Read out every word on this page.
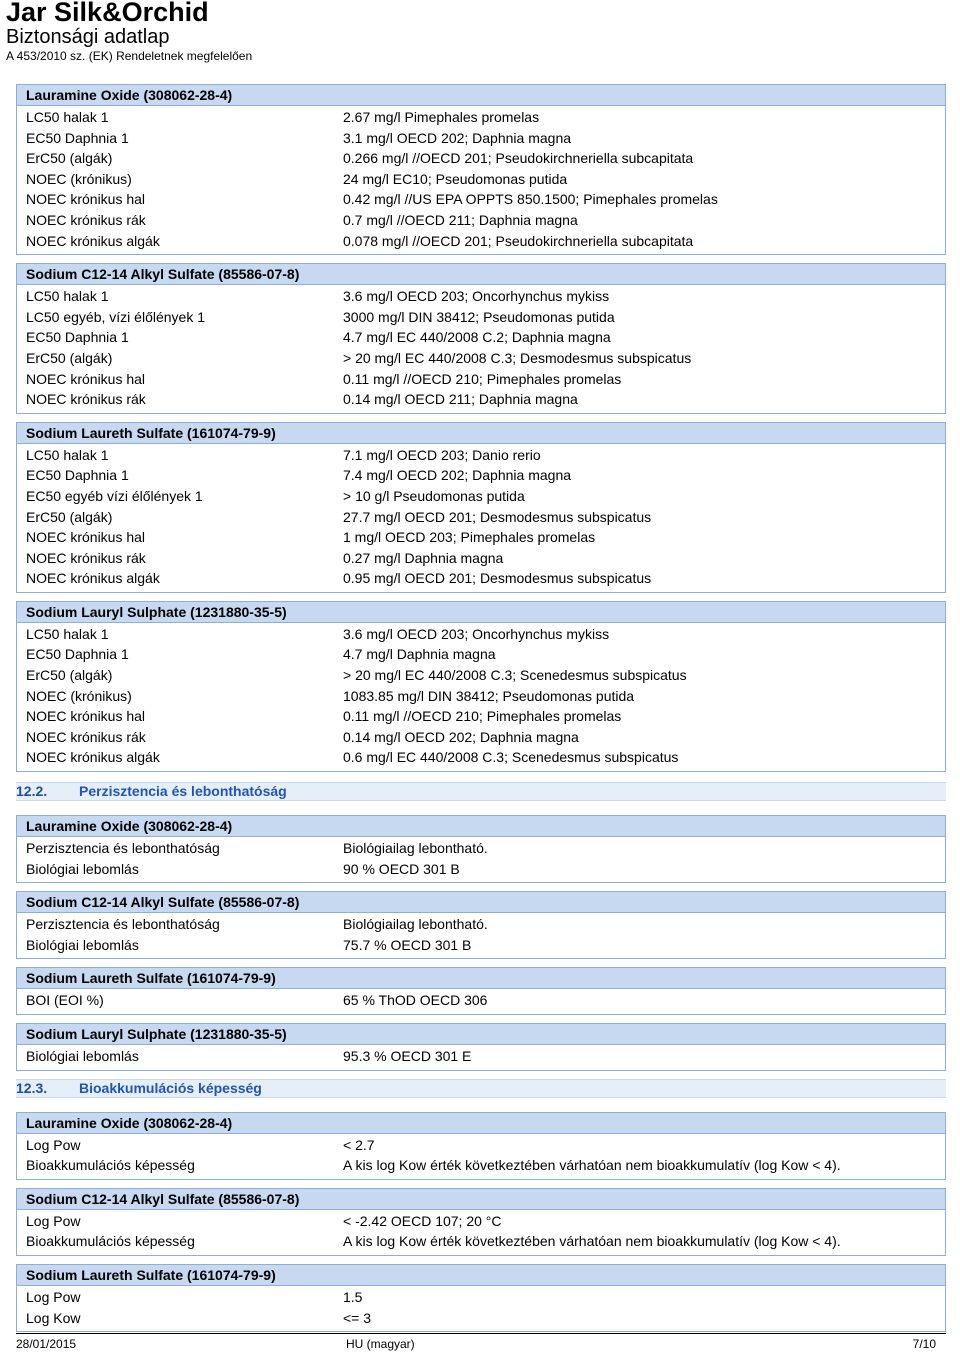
Jar Silk&Orchid
Biztonsági adatlap
A 453/2010 sz. (EK) Rendeletnek megfelelően
Lauramine Oxide (308062-28-4)
LC50 halak 1	2.67 mg/l Pimephales promelas
EC50 Daphnia 1	3.1 mg/l OECD 202; Daphnia magna
ErC50 (algák)	0.266 mg/l //OECD 201; Pseudokirchneriella subcapitata
NOEC (krónikus)	24 mg/l EC10; Pseudomonas putida
NOEC krónikus hal	0.42 mg/l //US EPA OPPTS 850.1500; Pimephales promelas
NOEC krónikus rák	0.7 mg/l //OECD 211; Daphnia magna
NOEC krónikus algák	0.078 mg/l //OECD 201; Pseudokirchneriella subcapitata
Sodium C12-14 Alkyl Sulfate (85586-07-8)
LC50 halak 1	3.6 mg/l OECD 203; Oncorhynchus mykiss
LC50 egyéb, vízi élőlények 1	3000 mg/l DIN 38412; Pseudomonas putida
EC50 Daphnia 1	4.7 mg/l EC 440/2008 C.2; Daphnia magna
ErC50 (algák)	> 20 mg/l EC 440/2008 C.3; Desmodesmus subspicatus
NOEC krónikus hal	0.11 mg/l //OECD 210; Pimephales promelas
NOEC krónikus rák	0.14 mg/l OECD 211; Daphnia magna
Sodium Laureth Sulfate (161074-79-9)
LC50 halak 1	7.1 mg/l OECD 203; Danio rerio
EC50 Daphnia 1	7.4 mg/l OECD 202; Daphnia magna
EC50 egyéb vízi élőlények 1	> 10 g/l Pseudomonas putida
ErC50 (algák)	27.7 mg/l OECD 201; Desmodesmus subspicatus
NOEC krónikus hal	1 mg/l OECD 203; Pimephales promelas
NOEC krónikus rák	0.27 mg/l Daphnia magna
NOEC krónikus algák	0.95 mg/l OECD 201; Desmodesmus subspicatus
Sodium Lauryl Sulphate (1231880-35-5)
LC50 halak 1	3.6 mg/l OECD 203; Oncorhynchus mykiss
EC50 Daphnia 1	4.7 mg/l Daphnia magna
ErC50 (algák)	> 20 mg/l EC 440/2008 C.3; Scenedesmus subspicatus
NOEC (krónikus)	1083.85 mg/l DIN 38412; Pseudomonas putida
NOEC krónikus hal	0.11 mg/l //OECD 210; Pimephales promelas
NOEC krónikus rák	0.14 mg/l OECD 202; Daphnia magna
NOEC krónikus algák	0.6 mg/l EC 440/2008 C.3; Scenedesmus subspicatus
12.2.	Perzisztencia és lebonthatóság
Lauramine Oxide (308062-28-4)
Perzisztencia és lebonthatóság	Biológiailag lebontható.
Biológiai lebomlás	90 % OECD 301 B
Sodium C12-14 Alkyl Sulfate (85586-07-8)
Perzisztencia és lebonthatóság	Biológiailag lebontható.
Biológiai lebomlás	75.7 % OECD 301 B
Sodium Laureth Sulfate (161074-79-9)
BOI (EOI %)	65 % ThOD OECD 306
Sodium Lauryl Sulphate (1231880-35-5)
Biológiai lebomlás	95.3 % OECD 301 E
12.3.	Bioakkumulációs képesség
Lauramine Oxide (308062-28-4)
Log Pow	< 2.7
Bioakkumulációs képesség	A kis log Kow érték következtében várhatóan nem bioakkumulatív (log Kow < 4).
Sodium C12-14 Alkyl Sulfate (85586-07-8)
Log Pow	< -2.42 OECD 107; 20 °C
Bioakkumulációs képesség	A kis log Kow érték következtében várhatóan nem bioakkumulatív (log Kow < 4).
Sodium Laureth Sulfate (161074-79-9)
Log Pow	1.5
Log Kow	<= 3
28/01/2015	HU (magyar)	7/10
